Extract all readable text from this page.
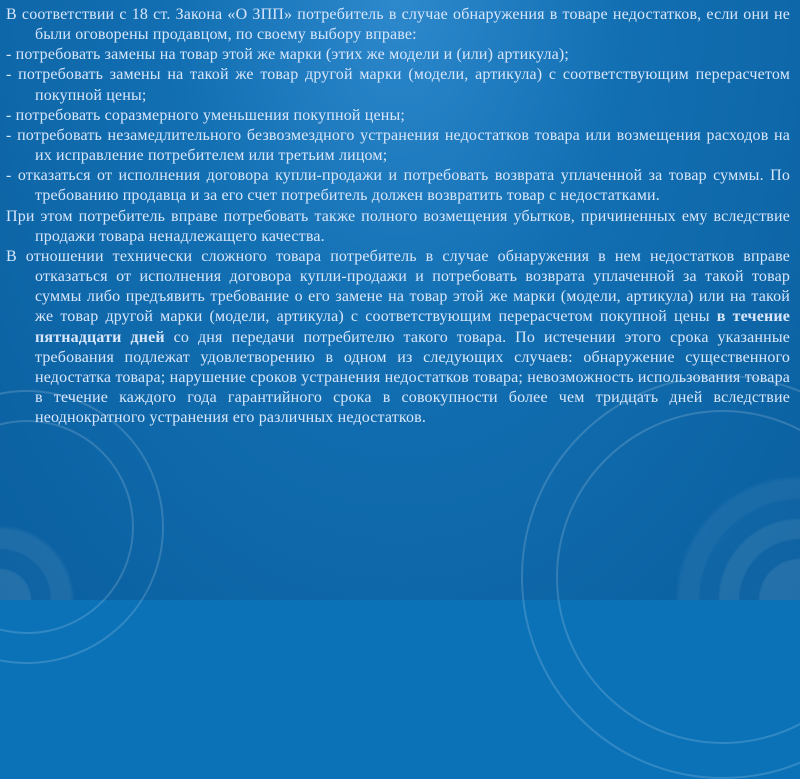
В соответствии с 18 ст. Закона «О ЗПП» потребитель в случае обнаружения в товаре недостатков, если они не были оговорены продавцом, по своему выбору вправе:

- потребовать замены на товар этой же марки (этих же модели и (или) артикула);

- потребовать замены на такой же товар другой марки (модели, артикула) с соответствующим перерасчетом покупной цены;

- потребовать соразмерного уменьшения покупной цены;

- потребовать незамедлительного безвозмездного устранения недостатков товара или возмещения расходов на их исправление потребителем или третьим лицом;

- отказаться от исполнения договора купли-продажи и потребовать возврата уплаченной за товар суммы. По требованию продавца и за его счет потребитель должен возвратить товар с недостатками.

При этом потребитель вправе потребовать также полного возмещения убытков, причиненных ему вследствие продажи товара ненадлежащего качества.

В отношении технически сложного товара потребитель в случае обнаружения в нем недостатков вправе отказаться от исполнения договора купли-продажи и потребовать возврата уплаченной за такой товар суммы либо предъявить требование о его замене на товар этой же марки (модели, артикула) или на такой же товар другой марки (модели, артикула) с соответствующим перерасчетом покупной цены в течение пятнадцати дней со дня передачи потребителю такого товара. По истечении этого срока указанные требования подлежат удовлетворению в одном из следующих случаев: обнаружение существенного недостатка товара; нарушение сроков устранения недостатков товара; невозможность использования товара в течение каждого года гарантийного срока в совокупности более чем тридцать дней вследствие неоднократного устранения его различных недостатков.
